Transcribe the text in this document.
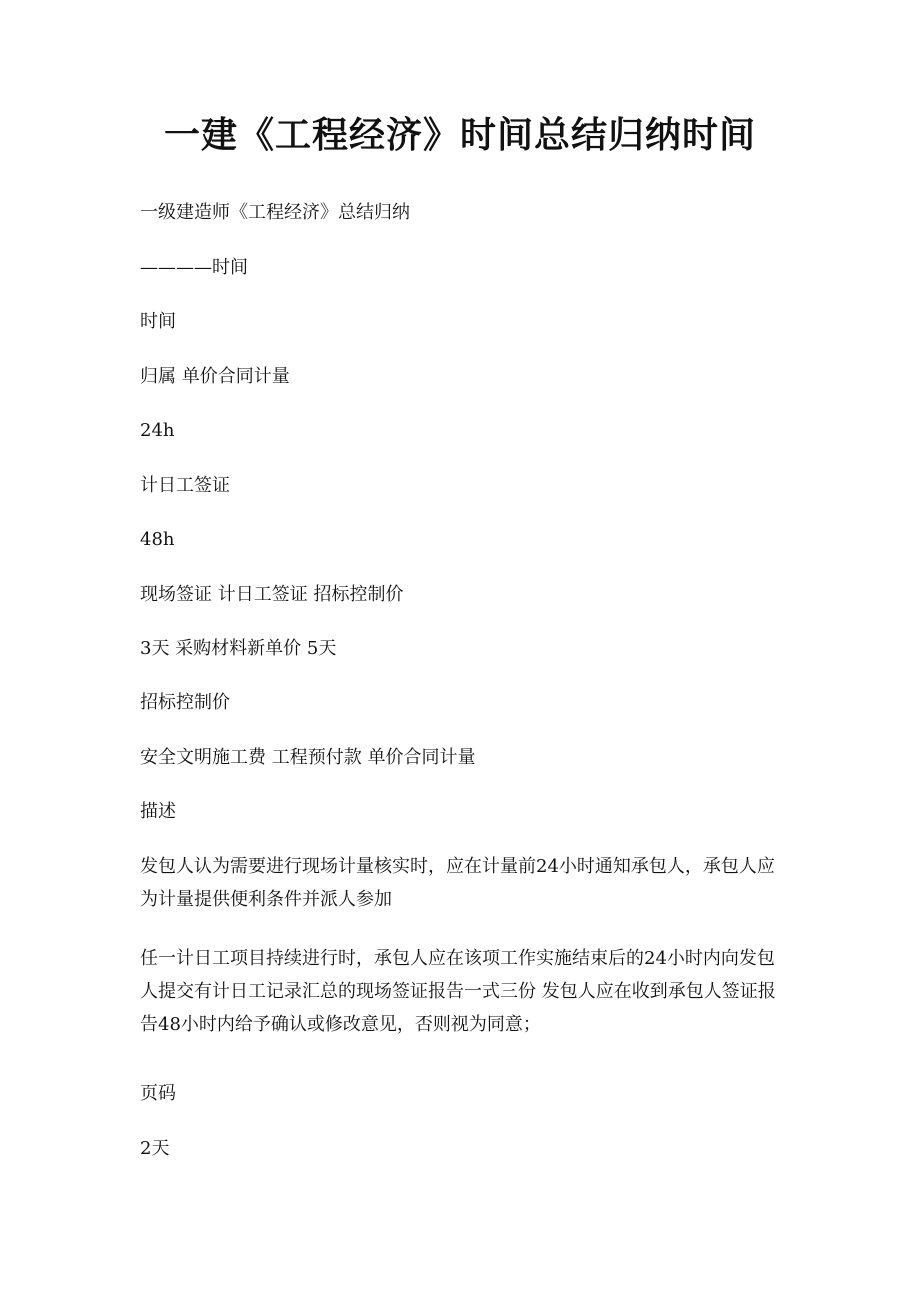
一建《工程经济》时间总结归纳时间

一级建造师《工程经济》总结归纳

————时间

时间

归属 单价合同计量

24h

计日工签证

48h

现场签证 计日工签证 招标控制价

3天 采购材料新单价 5天

招标控制价

安全文明施工费 工程预付款 单价合同计量

描述

发包人认为需要进行现场计量核实时，应在计量前24小时通知承包人，承包人应为计量提供便利条件并派人参加

任一计日工项目持续进行时，承包人应在该项工作实施结束后的24小时内向发包人提交有计日工记录汇总的现场签证报告一式三份 发包人应在收到承包人签证报告48小时内给予确认或修改意见，否则视为同意；

页码

2天
